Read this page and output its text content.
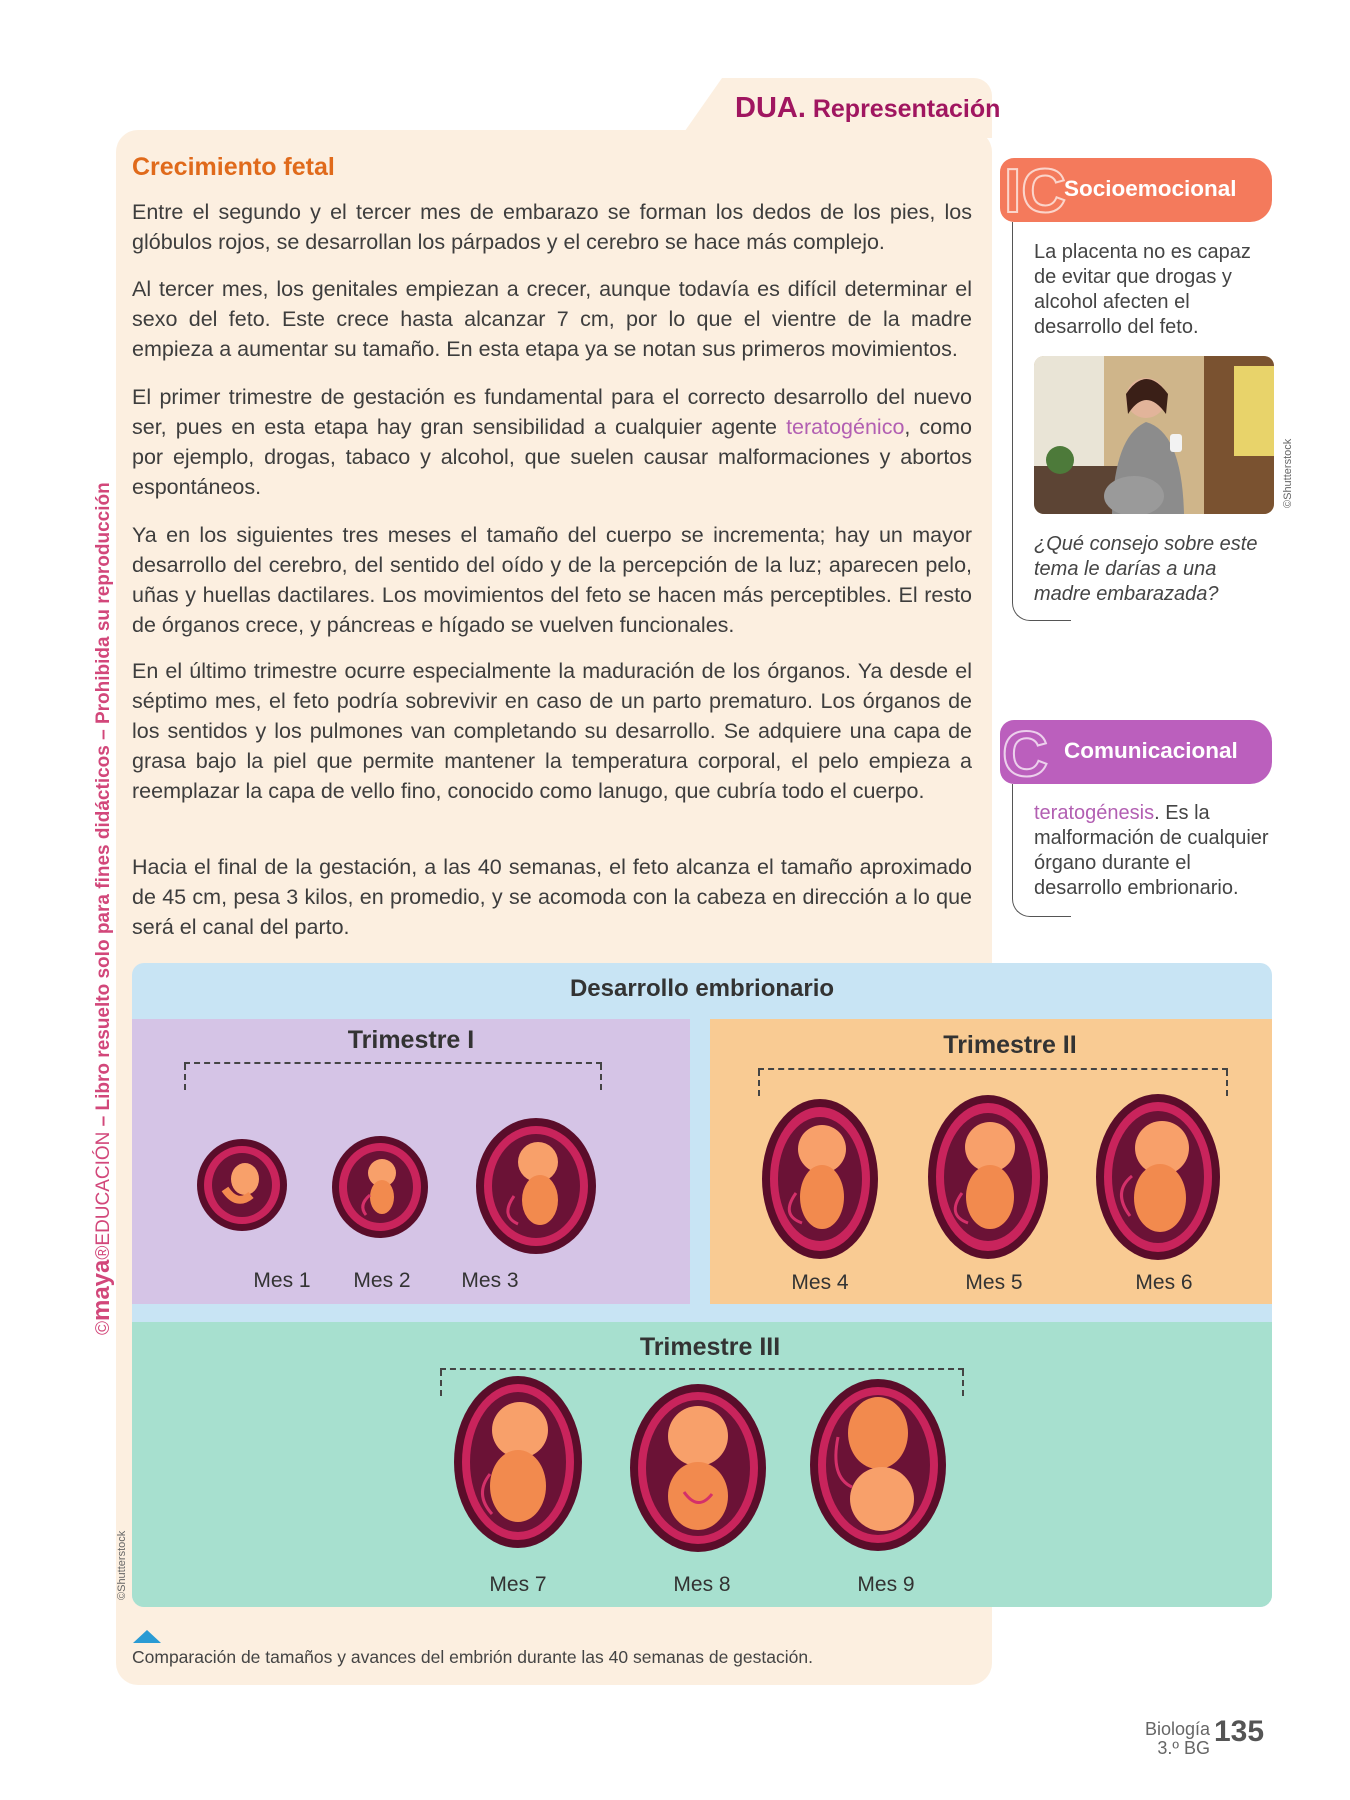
©maya®EDUCACIÓN – Libro resuelto solo para fines didácticos – Prohibida su reproducción
DUA. Representación
Crecimiento fetal
Entre el segundo y el tercer mes de embarazo se forman los dedos de los pies, los glóbulos rojos, se desarrollan los párpados y el cerebro se hace más complejo.
Al tercer mes, los genitales empiezan a crecer, aunque todavía es difícil determinar el sexo del feto. Este crece hasta alcanzar 7 cm, por lo que el vientre de la madre empieza a aumentar su tamaño. En esta etapa ya se notan sus primeros movimientos.
El primer trimestre de gestación es fundamental para el correcto desarrollo del nuevo ser, pues en esta etapa hay gran sensibilidad a cualquier agente teratogénico, como por ejemplo, drogas, tabaco y alcohol, que suelen causar malformaciones y abortos espontáneos.
Ya en los siguientes tres meses el tamaño del cuerpo se incrementa; hay un mayor desarrollo del cerebro, del sentido del oído y de la percepción de la luz; aparecen pelo, uñas y huellas dactilares. Los movimientos del feto se hacen más perceptibles. El resto de órganos crece, y páncreas e hígado se vuelven funcionales.
En el último trimestre ocurre especialmente la maduración de los órganos. Ya desde el séptimo mes, el feto podría sobrevivir en caso de un parto prematuro. Los órganos de los sentidos y los pulmones van completando su desarrollo. Se adquiere una capa de grasa bajo la piel que permite mantener la temperatura corporal, el pelo empieza a reemplazar la capa de vello fino, conocido como lanugo, que cubría todo el cuerpo.
Hacia el final de la gestación, a las 40 semanas, el feto alcanza el tamaño aproximado de 45 cm, pesa 3 kilos, en promedio, y se acomoda con la cabeza en dirección a lo que será el canal del parto.
Desarrollo embrionario
Trimestre I	Trimestre II
Trimestre III
Mes 1	Mes 2	Mes 3	Mes 4	Mes 5	Mes 6
Mes 7	Mes 8	Mes 9
©Shutterstock
Comparación de tamaños y avances del embrión durante las 40 semanas de gestación.
IC
Socioemocional
La placenta no es capaz de evitar que drogas y alcohol afecten el desarrollo del feto.
©Shutterstock
¿Qué consejo sobre este tema le darías a una madre embarazada?
C Comunicacional
teratogénesis. Es la malformación de cualquier órgano durante el desarrollo embrionario.
Biología
3.º BG 135
